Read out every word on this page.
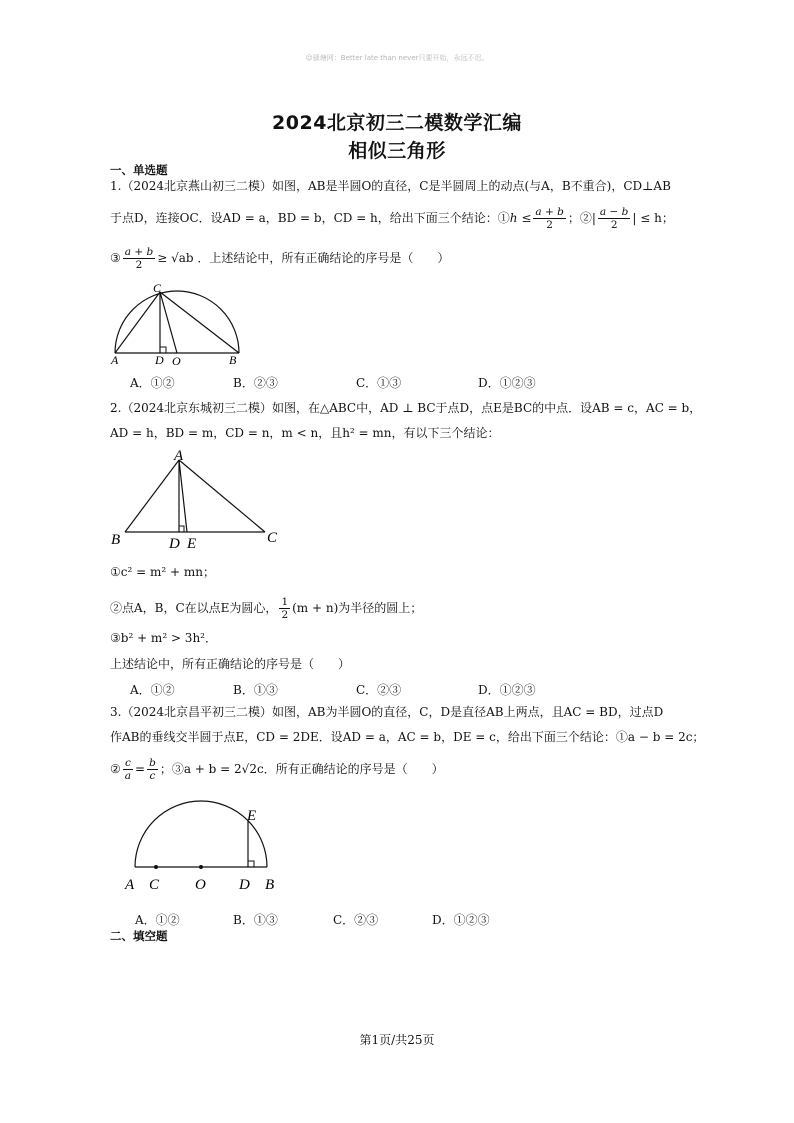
☺骚塘网：Better late than never只要开始，永远不迟。
2024北京初三二模数学汇编
相似三角形
一、单选题
1.（2024北京燕山初三二模）如图，AB是半圆O的直径，C是半圆周上的动点(与A，B不重合)，CD⊥AB
于点D，连接OC．设AD = a，BD = b，CD = h，给出下面三个结论：①h ≤ $\frac{a + b}{2}$ ；②| $\frac{a - b}{2}$ | ≤ h；
③ $\frac{a + b}{2} \ge √ab$ ．上述结论中，所有正确结论的序号是（　　）
C
A	D O	B
A．①②	B．②③	C．①③	D．①②③
2.（2024北京东城初三二模）如图，在△ABC中，AD ⊥ BC于点D，点E是BC的中点．设AB = c，AC = b，
AD = h，BD = m，CD = n，m < n，且h² = mn，有以下三个结论：
A
B	D E	C
①c² = m² + mn；
②点A，B，C在以点E为圆心， $\frac{1}{2} (m + n)$为半径的圆上；
③b² + m² > 3h²．
上述结论中，所有正确结论的序号是（　　）
A．①②	B．①③	C．②③	D．①②③
3.（2024北京昌平初三二模）如图，AB为半圆O的直径，C，D是直径AB上两点，且AC = BD，过点D
作AB的垂线交半圆于点E，CD = 2DE．设AD = a，AC = b，DE = c，给出下面三个结论：①a − b = 2c；
② $\frac{c}{a} = \frac{b}{c}$ ；③a + b = 2√2c．所有正确结论的序号是（　　）
E
A C O D B
A．①②	B．①③	C．②③	D．①②③
二、填空题
第1页/共25页
